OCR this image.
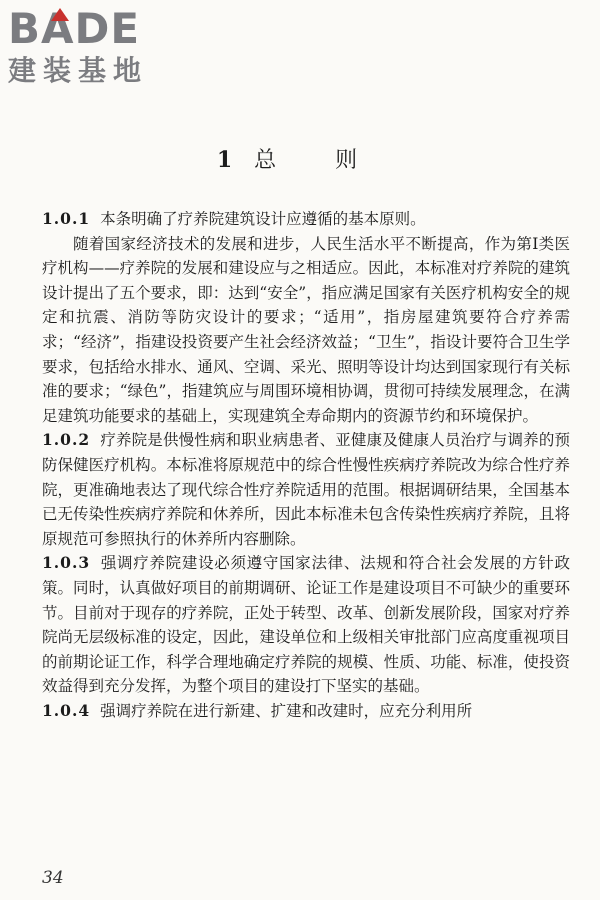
BADE
建装基地
1 总 则

1.0.1 本条明确了疗养院建筑设计应遵循的基本原则。

随着国家经济技术的发展和进步，人民生活水平不断提高，作为第Ⅰ类医疗机构——疗养院的发展和建设应与之相适应。因此，本标准对疗养院的建筑设计提出了五个要求，即：达到“安全”，指应满足国家有关医疗机构安全的规定和抗震、消防等防灾设计的要求；“适用”，指房屋建筑要符合疗养需求；“经济”，指建设投资要产生社会经济效益；“卫生”，指设计要符合卫生学要求，包括给水排水、通风、空调、采光、照明等设计均达到国家现行有关标准的要求；“绿色”，指建筑应与周围环境相协调，贯彻可持续发展理念，在满足建筑功能要求的基础上，实现建筑全寿命期内的资源节约和环境保护。

1.0.2 疗养院是供慢性病和职业病患者、亚健康及健康人员治疗与调养的预防保健医疗机构。本标准将原规范中的综合性慢性疾病疗养院改为综合性疗养院，更准确地表达了现代综合性疗养院适用的范围。根据调研结果，全国基本已无传染性疾病疗养院和休养所，因此本标准未包含传染性疾病疗养院，且将原规范可参照执行的休养所内容删除。

1.0.3 强调疗养院建设必须遵守国家法律、法规和符合社会发展的方针政策。同时，认真做好项目的前期调研、论证工作是建设项目不可缺少的重要环节。目前对于现存的疗养院，正处于转型、改革、创新发展阶段，国家对疗养院尚无层级标准的设定，因此，建设单位和上级相关审批部门应高度重视项目的前期论证工作，科学合理地确定疗养院的规模、性质、功能、标准，使投资效益得到充分发挥，为整个项目的建设打下坚实的基础。

1.0.4 强调疗养院在进行新建、扩建和改建时，应充分利用所

34
